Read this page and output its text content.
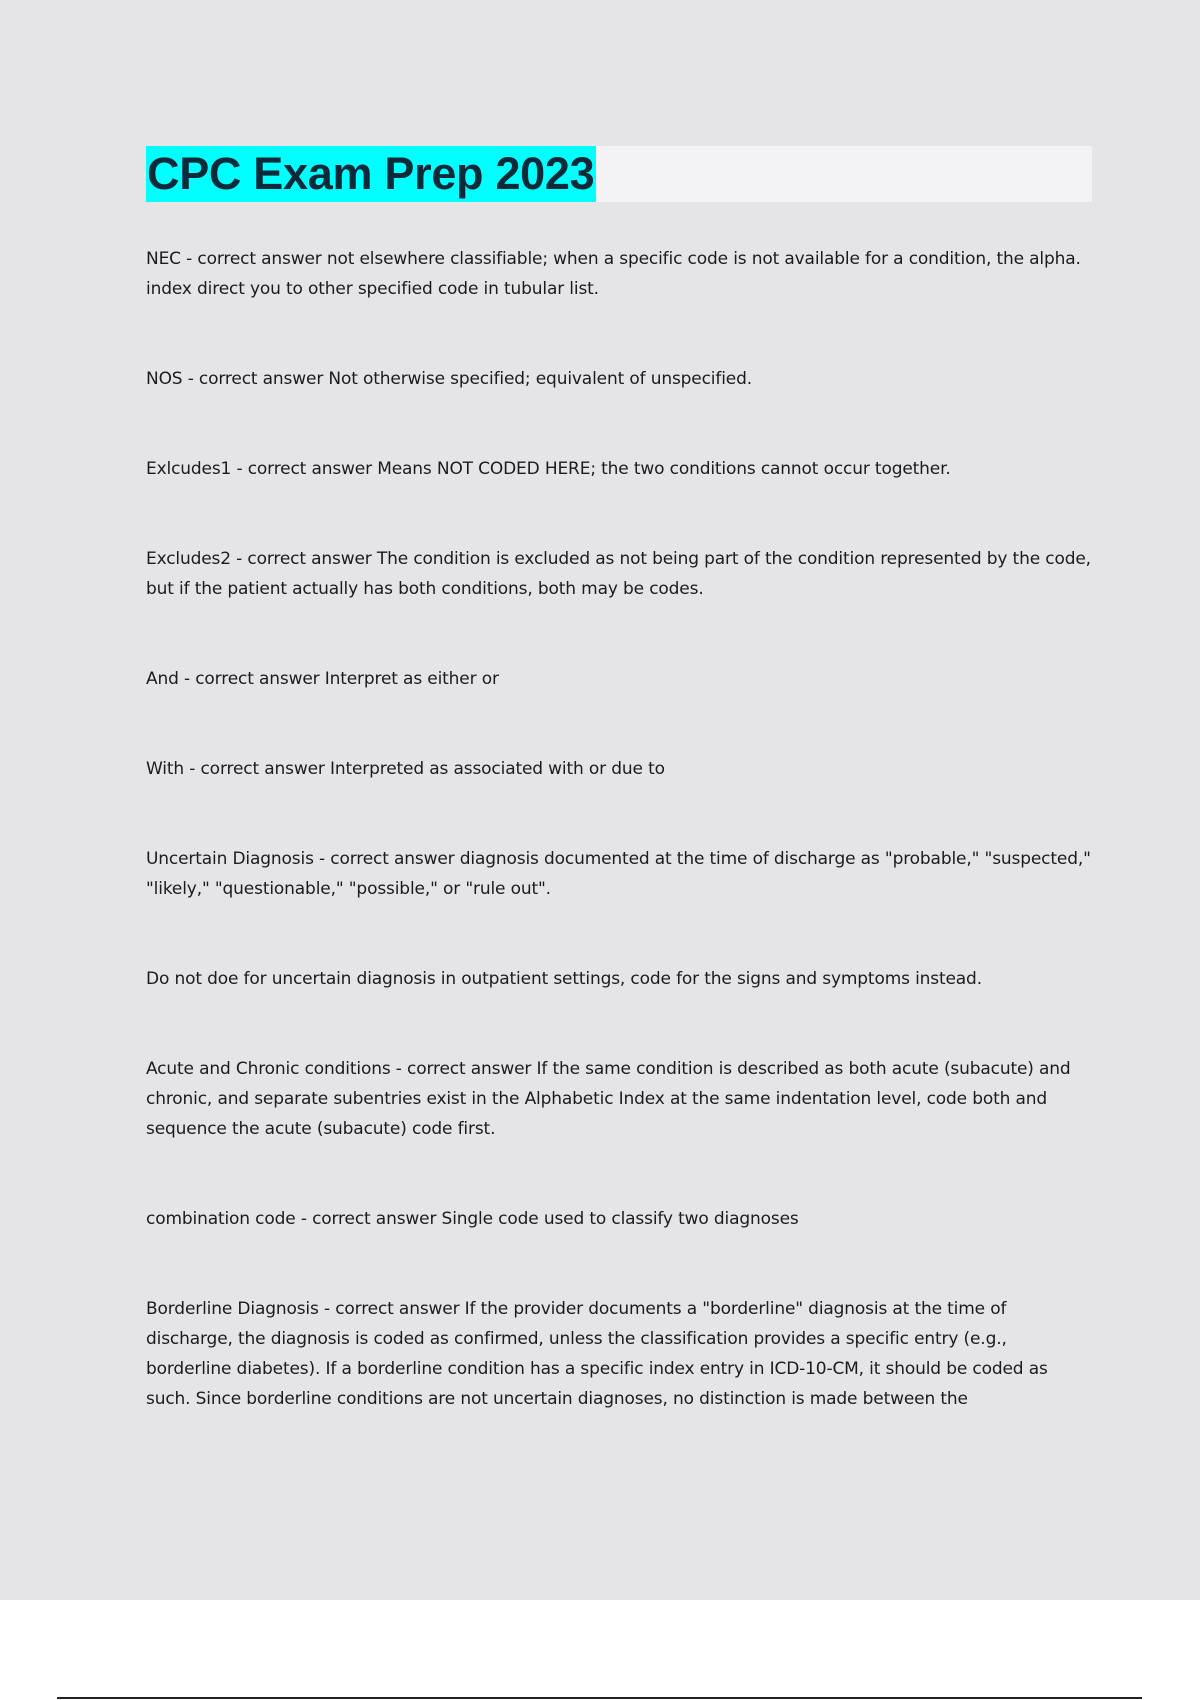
CPC Exam Prep 2023

NEC - correct answer not elsewhere classifiable; when a specific code is not available for a condition, the alpha. index direct you to other specified code in tubular list.

NOS - correct answer Not otherwise specified; equivalent of unspecified.

Exlcudes1 - correct answer Means NOT CODED HERE; the two conditions cannot occur together.

Excludes2 - correct answer The condition is excluded as not being part of the condition represented by the code, but if the patient actually has both conditions, both may be codes.

And - correct answer Interpret as either or

With - correct answer Interpreted as associated with or due to

Uncertain Diagnosis - correct answer diagnosis documented at the time of discharge as "probable," "suspected," "likely," "questionable," "possible," or "rule out".

Do not doe for uncertain diagnosis in outpatient settings, code for the signs and symptoms instead.

Acute and Chronic conditions - correct answer If the same condition is described as both acute (subacute) and chronic, and separate subentries exist in the Alphabetic Index at the same indentation level, code both and sequence the acute (subacute) code first.

combination code - correct answer Single code used to classify two diagnoses

Borderline Diagnosis - correct answer If the provider documents a "borderline" diagnosis at the time of discharge, the diagnosis is coded as confirmed, unless the classification provides a specific entry (e.g., borderline diabetes). If a borderline condition has a specific index entry in ICD-10-CM, it should be coded as such. Since borderline conditions are not uncertain diagnoses, no distinction is made between the
